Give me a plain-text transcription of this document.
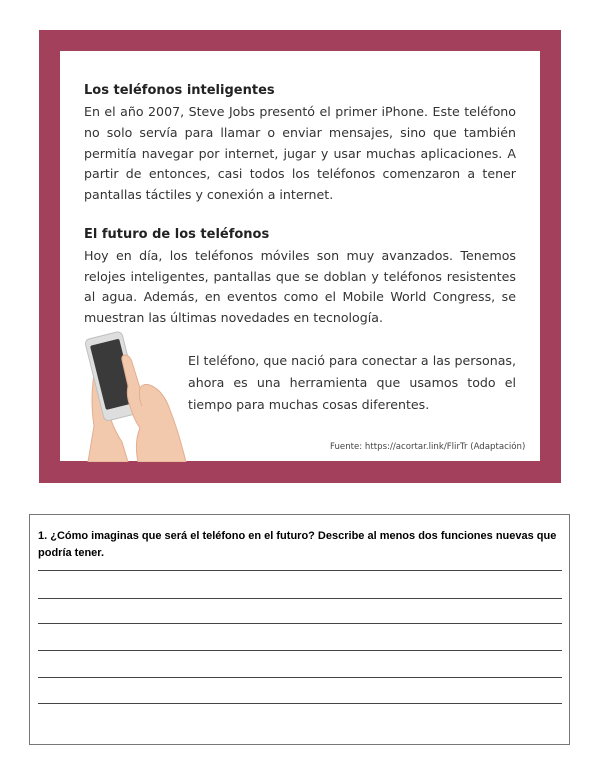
Los teléfonos inteligentes
En el año 2007, Steve Jobs presentó el primer iPhone. Este teléfono no solo servía para llamar o enviar mensajes, sino que también permitía navegar por internet, jugar y usar muchas aplicaciones. A partir de entonces, casi todos los teléfonos comenzaron a tener pantallas táctiles y conexión a internet.
El futuro de los teléfonos
Hoy en día, los teléfonos móviles son muy avanzados. Tenemos relojes inteligentes, pantallas que se doblan y teléfonos resistentes al agua. Además, en eventos como el Mobile World Congress, se muestran las últimas novedades en tecnología.
El teléfono, que nació para conectar a las personas, ahora es una herramienta que usamos todo el tiempo para muchas cosas diferentes.
Fuente: https://acortar.link/FlirTr (Adaptación)
1. ¿Cómo imaginas que será el teléfono en el futuro? Describe al menos dos funciones nuevas que podría tener.
